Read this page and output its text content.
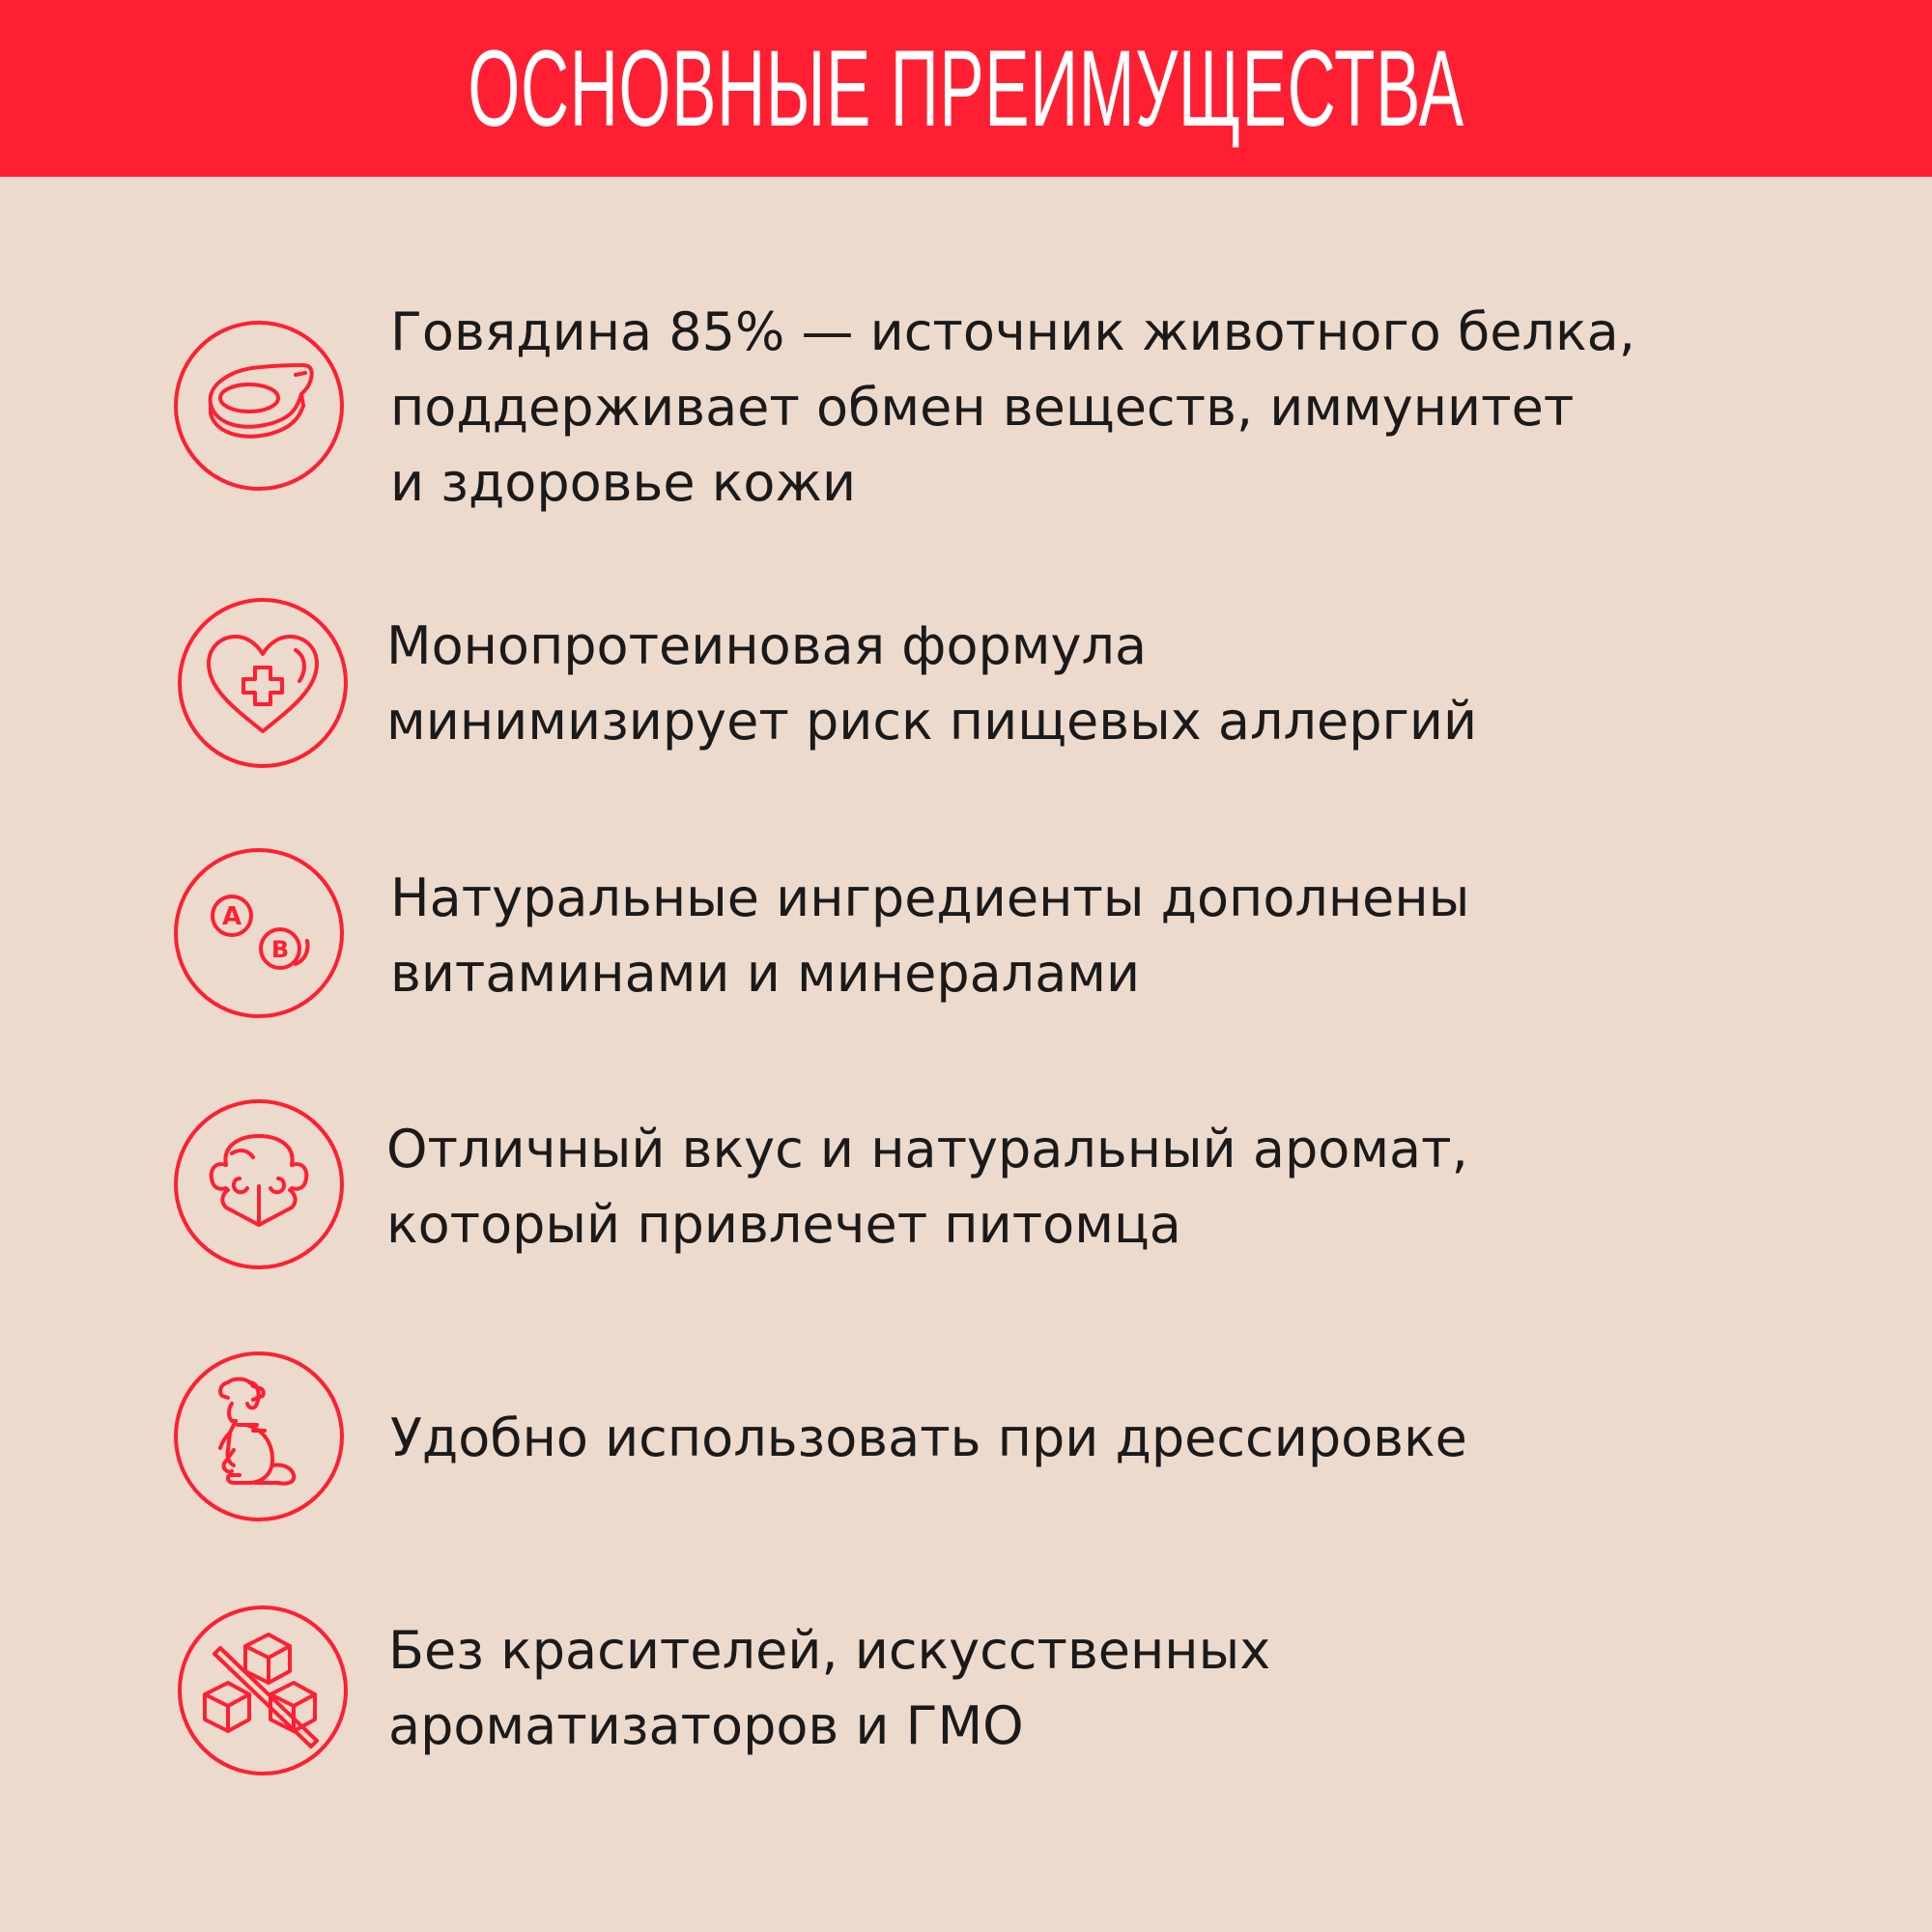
ОСНОВНЫЕ ПРЕИМУЩЕСТВА
Говядина 85% — источник животного белка,
поддерживает обмен веществ, иммунитет
и здоровье кожи
Монопротеиновая формула
минимизирует риск пищевых аллергий
A
B
Натуральные ингредиенты дополнены
витаминами и минералами
Отличный вкус и натуральный аромат,
который привлечет питомца
Удобно использовать при дрессировке
Без красителей, искусственных
ароматизаторов и ГМО
